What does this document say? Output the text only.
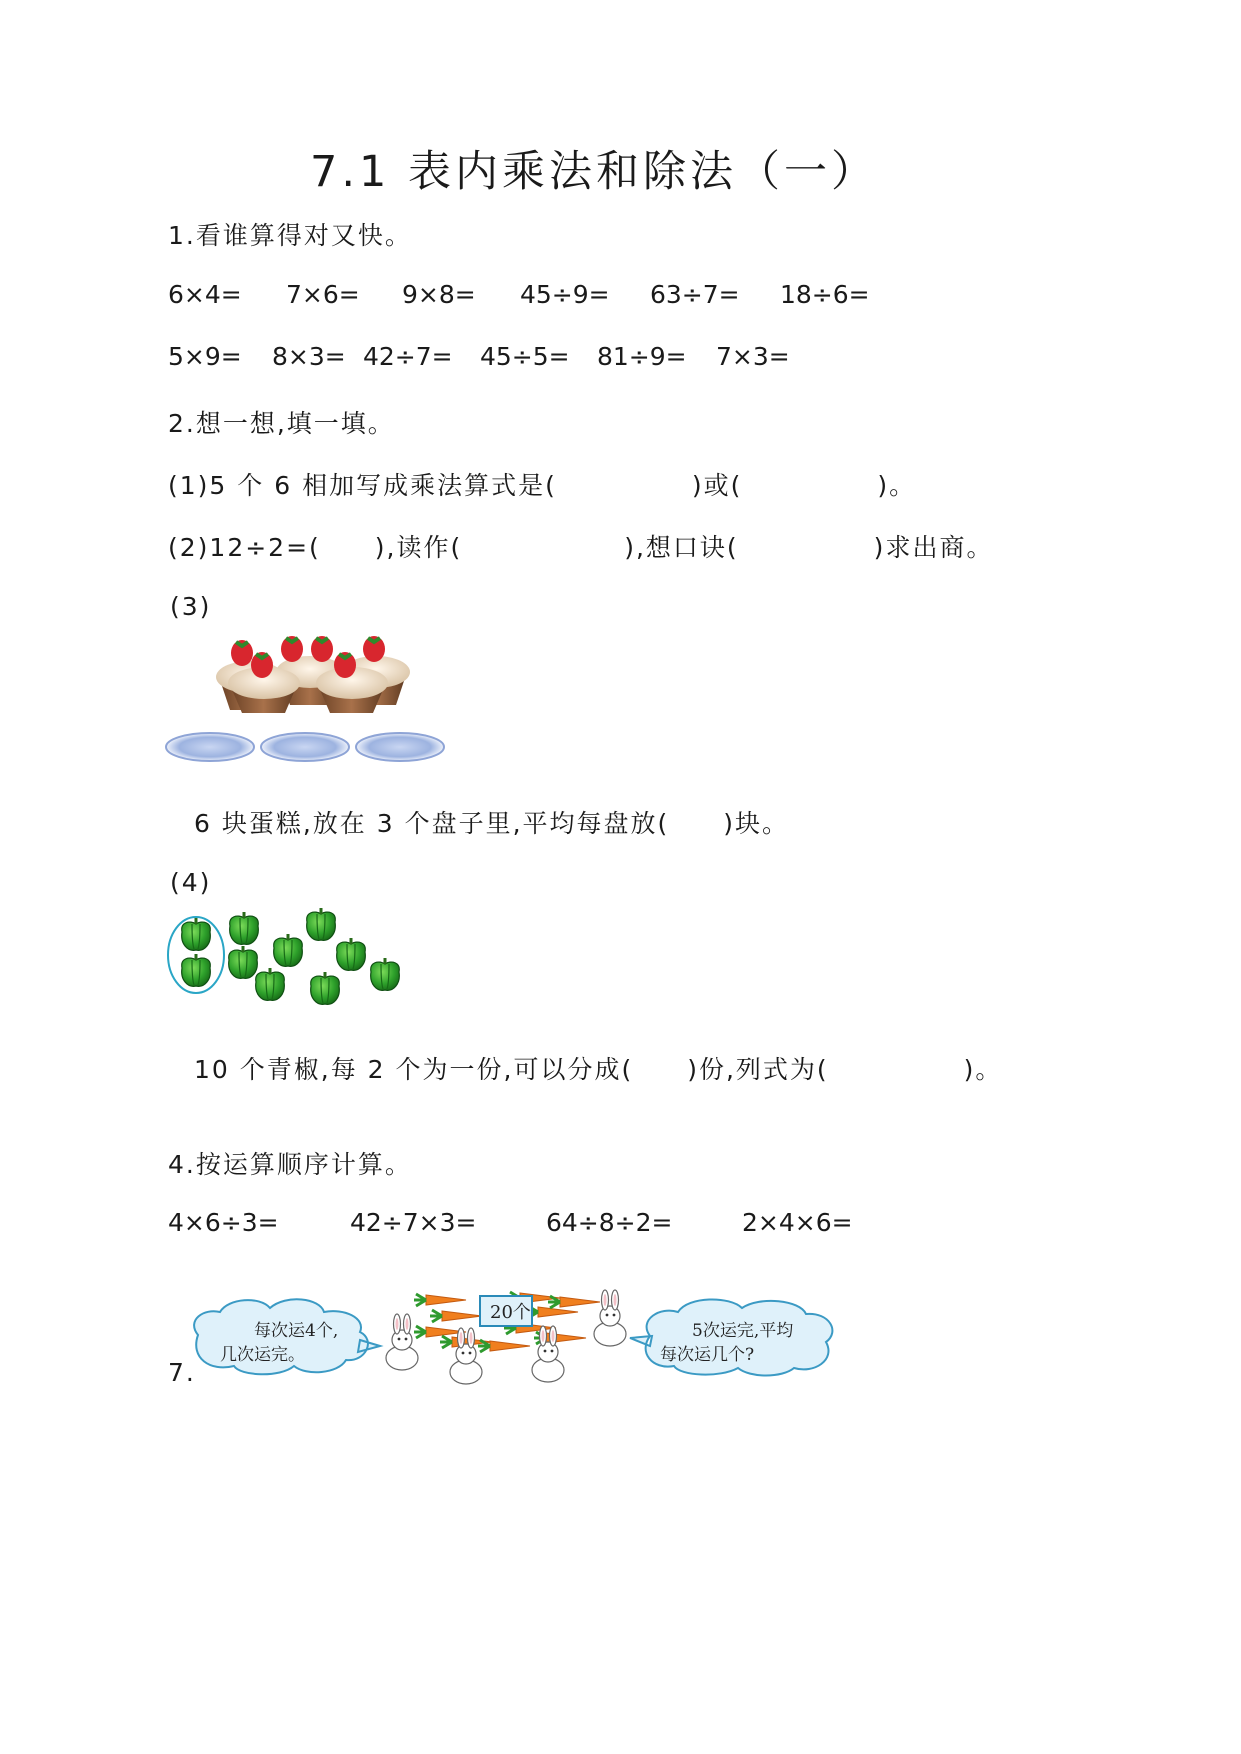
7.1 表内乘法和除法（一）
1.看谁算得对又快。
6×4= 7×6= 9×8= 45÷9= 63÷7= 18÷6=
5×9= 8×3= 42÷7= 45÷5= 81÷9= 7×3=
2.想一想,填一填。
(1)5 个 6 相加写成乘法算式是(　　　　　)或(　　　　　)。
(2)12÷2=(　　),读作(　　　　　　),想口诀(　　　　　)求出商。
(3)
6 块蛋糕,放在 3 个盘子里,平均每盘放(　　)块。
(4)
10 个青椒,每 2 个为一份,可以分成(　　)份,列式为(　　　　　)。
4.按运算顺序计算。
4×6÷3=	42÷7×3=	64÷8÷2=	2×4×6=
7.
每次运4个,
几次运完。
5次运完,平均
每次运几个?
20个
